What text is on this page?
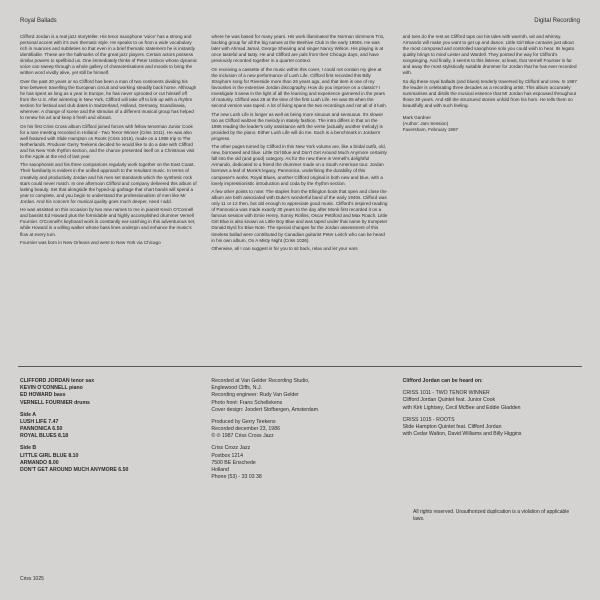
Royal Ballads	Digital Recording

Clifford Jordan is a real jazz storyteller. His tenor saxophone 'voice' has a strong and personal accent with it's own thematic style. He speaks to us from a wide vocabulary rich in nuances and subtleties so that even in a brief thematic statement he is instantly identifiable. These are the hallmarks of the great jazz players. Certain actors possess similar powers to spellbind us. One immediately thinks of Peter Ustinov whose dynamic voice can sweep through a whole gallery of characterisations and moods to bring the written word vividly alive, yet still be himself.

Over the past 20 years or so Clifford has been a man of two continents dividing his time between travelling the European circuit and working steadily back home. Although he has spent as long as a year in Europe, he has never uprooted or cut himself off from the U.S. After wintering in New York, Clifford will take off to link up with a rhythm section for festival and club dates in Switzerland, Holland, Germany, Scandinavia, wherever. A change of scene and the stimulus of a different musical group has helped to renew his art and keep it fresh and vibrant.

On his first Criss Cross album Clifford joined forces with fellow tenorman Junior Cook for a rare meeting recorded in Holland - Two Tenor Winner (Criss 1011). He was also well featured with Slide Hampton on Roots (Criss 1015), made on a 1985 trip to The Netherlands. Producer Gerry Teekens decided he would like to do a date with Clifford and his New York rhythm section, and the chance presented itself on a Christmas visit to the Apple at the end of last year.

The saxophonist and his three companions regularly work together on the East Coast. Their familiarity is evident in the unified approach to the resultant music. In terms of creativity and productivity Jordan and his men set standards which the synthetic rock stars could never match. In one afternoon Clifford and company delivered this album of lasting beauty. Set that alongside the hyped-up garbage that chart bands will spend a year to complete, and you begin to understand the professionalism of men like Mr Jordan. And his concern for musical quality goes much deeper, need I add.

He was assisted on this occasion by two new names to me in pianist Kevin O'Connell and bassist Ed Howard plus the formidable and highly accomplished drummer Vernell Fournier. O'Connell's keyboard work is constantly ear-catching in this adventurous set, while Howard is a willing walker whose bass lines underpin and enhance the music's flow at every turn.

Fournier was born in New Orleans and went to New York via Chicago

where he was based for many years. His work illuminated the Norman Simmons Trio, backing group for all the big names at the Beehive Club in the early 1950s. He was later with Ahmad Jamal, George Shearing and singer Nancy Wilson. His playing is at once tasteful and tasty. He and Clifford are pals from their Chicago days, and have previously recorded together in a quartet context.

On receiving a cassette of the music within this cover, I could not contain my glee at the inclusion of a new performance of Lush Life. Clifford first recorded this Billy Strayhorn song for Riverside more than 26 years ago, and that item is one of my favourites in the extensive Jordan discography. How do you improve on a classic? I investigate it anew in the light of all the learning and experience garnered in the years of maturity. Clifford was 28 at the time of the first Lush Life. He was 55 when the second version was taped. A lot of living spans the two recordings and not all of it lush.

The new Lush Life is longer as well as being more sinuous and sensuous. It's slower too as Clifford waltzes the melody in stately fashion. The intro differs in that on the 1986 reading the leader's only assistance with the verse (actually another melody) is provided by the piano. Either Lush Life will do me. Each is a benchmark in Jordan's progress.

The other pages turned by Clifford in this New York volume are, like a bridal outfit, old, new, borrowed and blue. Little Girl Blue and Don't Get Around Much Anymore certainly fall into the old (and good) category. As for the new there is Vernell's delightful Armando, dedicated to a friend the drummer made on a South American tour. Jordan borrows a leaf of Monk's legacy, Pannonica, underlining the durability of this composer's works. Royal Blues, another Clifford original is both new and blue, with a lovely impressionistic introduction and coda by the rhythm section.

A few other points to note: The staples from the Ellington book that open and close the album are both associated with Duke's wonderful band of the early 1940s. Clifford was only 11 or 12 then, but old enough to appreciate good music. Clifford's inspired reading of Pannonica was made exactly 30 years to the day after Monk first recorded it on a famous session with Ernie Henry, Sonny Rollins, Oscar Pettiford and Max Roach. Little Girl Blue is also known as Little Boy Blue and was taped under that name by trumpeter Donald Byrd for Blue Note. The special changes for the Jordan assessment of this timeless ballad were contributed by Canadian guitarist Peter Leitch who can be heard in his own album, On A Misty Night (Criss 1026).

Otherwise, all I can suggest is for you to sit back, relax and let your ears

and toes do the rest as Clifford taps out his tales with warmth, wit and whimsy. Armando will make you want to get up and dance. Little Girl Blue contains just about the most composed and controlled saxophone solo you could wish to hear. Its legato quality brings to mind Lester and Wardell. They pointed the way for Clifford's songsinging. And finally, it seems to this listener, at least, that Vernell Fournier is far and away the most stylistically suitable drummer for Jordan that he has ever recorded with.

So dig these royal ballads (and blues) tenderly traversed by Clifford and crew. In 1987 the leader is celebrating three decades as a recording artist. This album accurately summarises and distils the musical essence that Mr Jordan has espoused throughout those 30 years. And still the structured stories unfold from his horn. He tells them so beautifully and with such feeling.

Mark Gardner
(Author: Jam Session)
Faversham, February 1987
CLIFFORD JORDAN tenor sax
KEVIN O'CONNELL piano
ED HOWARD bass
VERNELL FOURNIER drums
Side A
LUSH LIFE 7.47
PANNONICA 6.50
ROYAL BLUES 8.18
Side B
LITTLE GIRL BLUE 8.10
ARMANDO 8.00
DON'T GET AROUND MUCH ANYMORE 6.50
Recorded at Van Gelder Recording Studio,
Englewood Cliffs, N.J.
Recording engineer: Rudy Van Gelder
Photo front: Frans Schellekens
Cover design: Joodert Stofbergen, Amsterdam
Produced by Gerry Teekens
Recorded december 23, 1986
© ℗ 1987 Criss Cross Jazz
Criss Crozz Jazz
Postbox 1214
7500 BE Enschede
Holland
Phone (53) - 33 03 38
Clifford Jordan can be heard on:
CRISS 1011 - TWO TENOR WINNER
Clifford Jordan Quintet feat. Junior Cook
with Kirk Lightsey, Cecil McBee and Eddie Gladden
CRISS 1015 - ROOTS
Slide Hampton Quintet feat. Clifford Jordan
with Cedar Walton, David Williams and Billy Higgins
All rights reserved. Unauthorized duplication is a violation of applicable laws.
Criss 1025
